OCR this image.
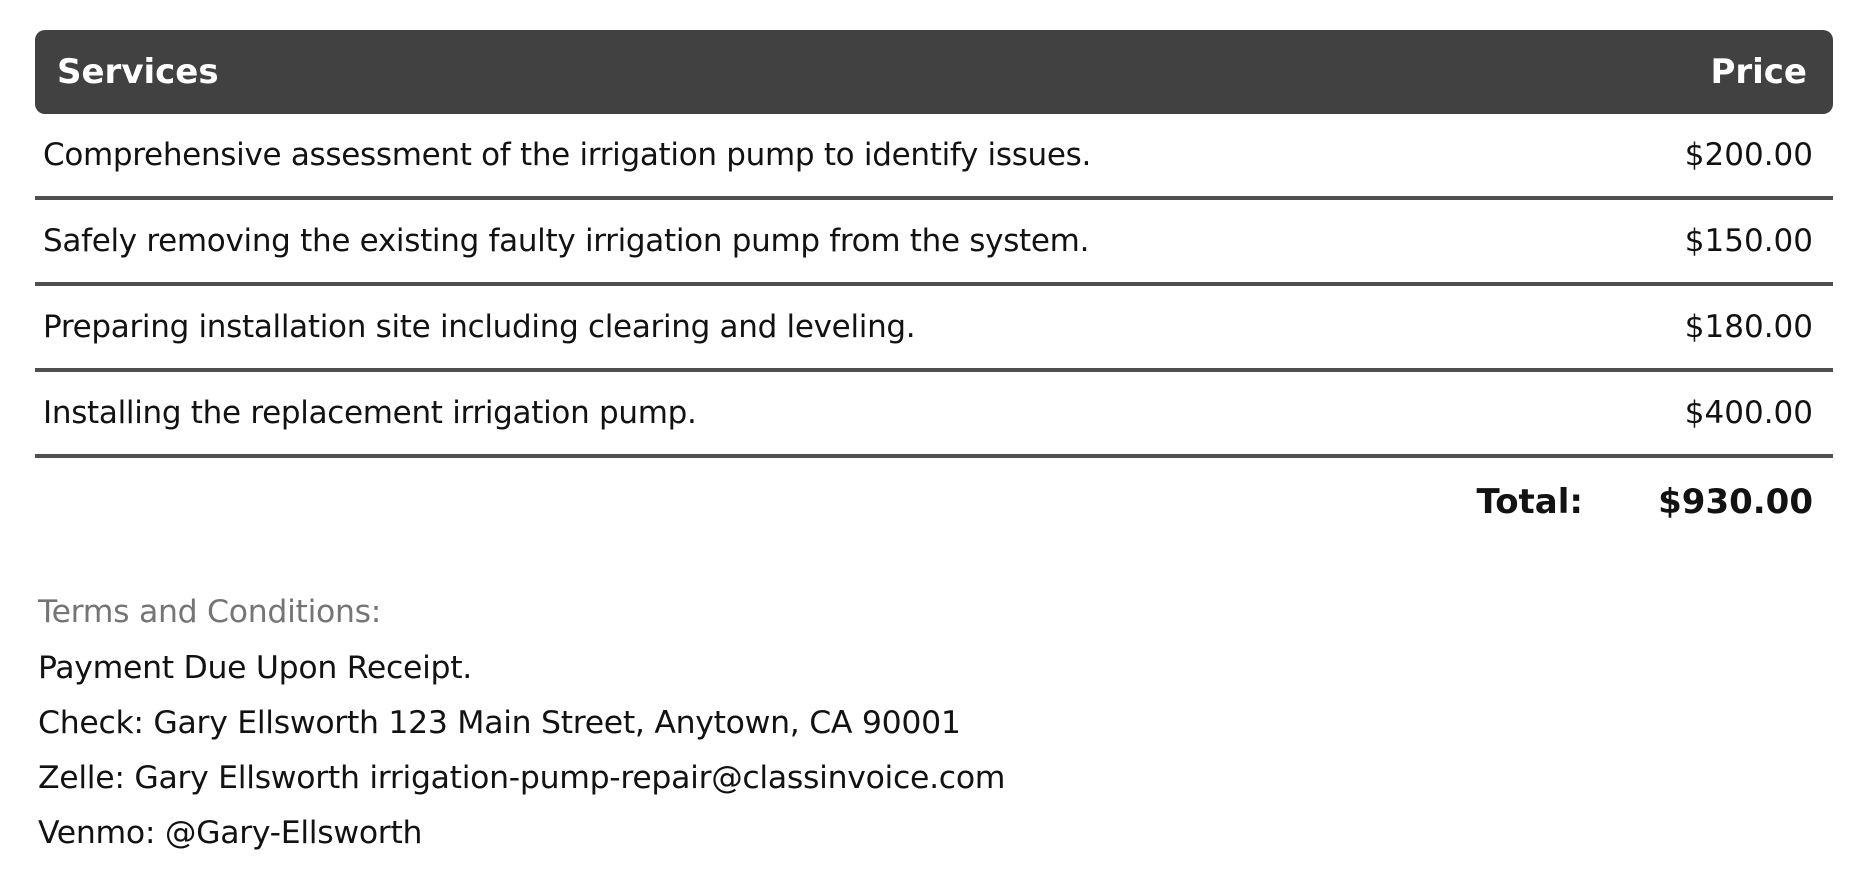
Services	Price
Comprehensive assessment of the irrigation pump to identify issues.	$200.00
Safely removing the existing faulty irrigation pump from the system.	$150.00
Preparing installation site including clearing and leveling.	$180.00
Installing the replacement irrigation pump.	$400.00
Total:	$930.00
Terms and Conditions:
Payment Due Upon Receipt.
Check: Gary Ellsworth 123 Main Street, Anytown, CA 90001
Zelle: Gary Ellsworth irrigation-pump-repair@classinvoice.com
Venmo: @Gary-Ellsworth
